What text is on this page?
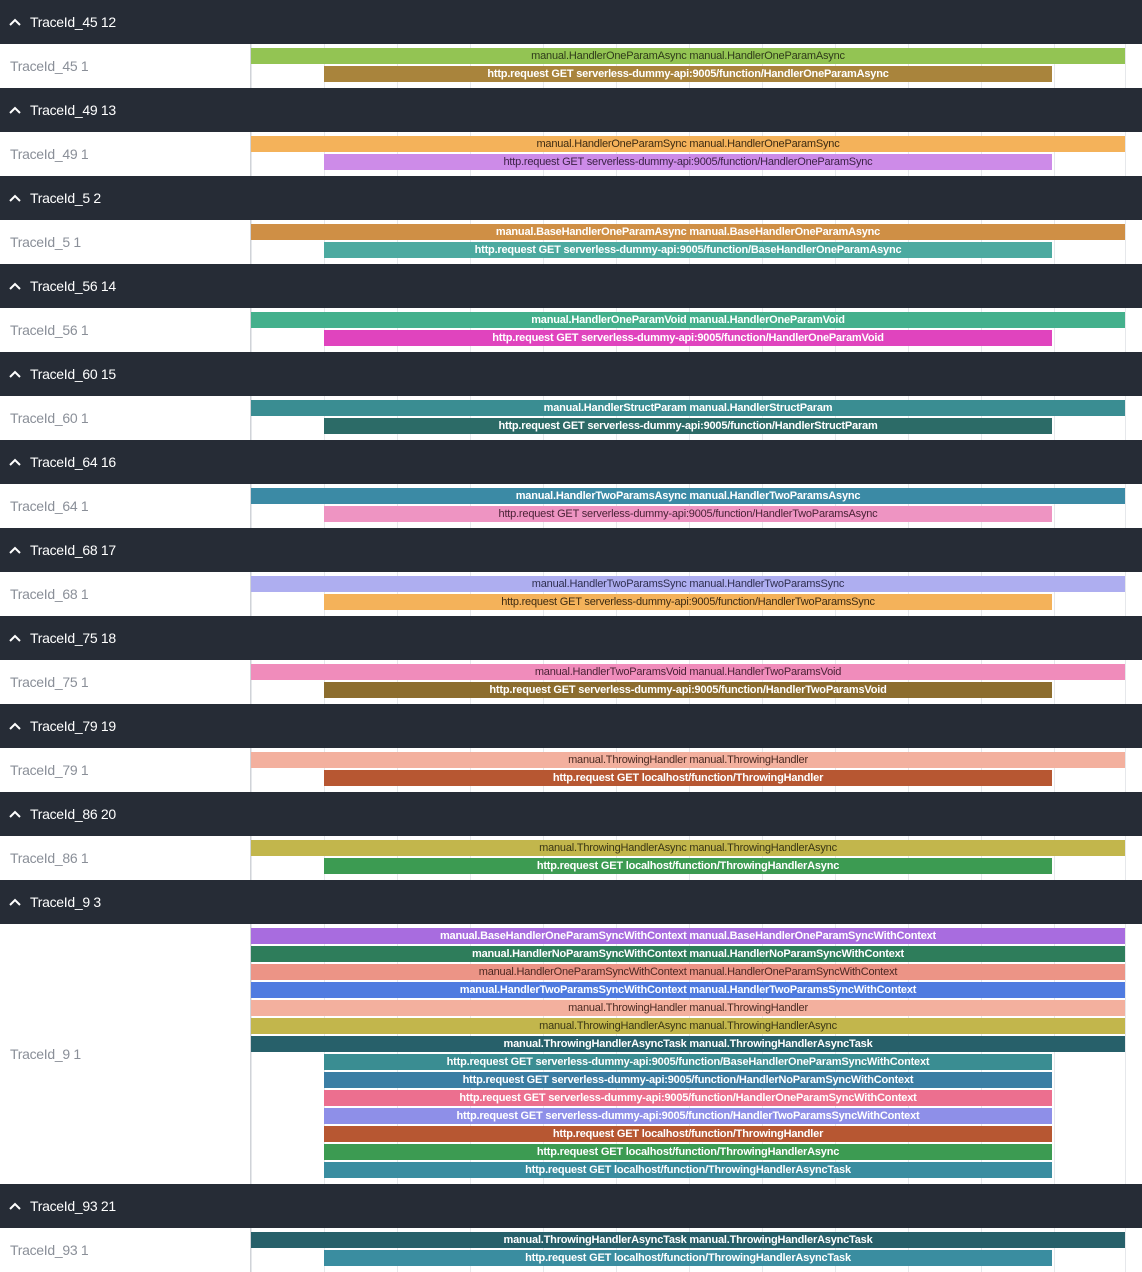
TraceId_45 12
TraceId_45 1
manual.HandlerOneParamAsync manual.HandlerOneParamAsync
http.request GET serverless-dummy-api:9005/function/HandlerOneParamAsync
TraceId_49 13
TraceId_49 1
manual.HandlerOneParamSync manual.HandlerOneParamSync
http.request GET serverless-dummy-api:9005/function/HandlerOneParamSync
TraceId_5 2
TraceId_5 1
manual.BaseHandlerOneParamAsync manual.BaseHandlerOneParamAsync
http.request GET serverless-dummy-api:9005/function/BaseHandlerOneParamAsync
TraceId_56 14
TraceId_56 1
manual.HandlerOneParamVoid manual.HandlerOneParamVoid
http.request GET serverless-dummy-api:9005/function/HandlerOneParamVoid
TraceId_60 15
TraceId_60 1
manual.HandlerStructParam manual.HandlerStructParam
http.request GET serverless-dummy-api:9005/function/HandlerStructParam
TraceId_64 16
TraceId_64 1
manual.HandlerTwoParamsAsync manual.HandlerTwoParamsAsync
http.request GET serverless-dummy-api:9005/function/HandlerTwoParamsAsync
TraceId_68 17
TraceId_68 1
manual.HandlerTwoParamsSync manual.HandlerTwoParamsSync
http.request GET serverless-dummy-api:9005/function/HandlerTwoParamsSync
TraceId_75 18
TraceId_75 1
manual.HandlerTwoParamsVoid manual.HandlerTwoParamsVoid
http.request GET serverless-dummy-api:9005/function/HandlerTwoParamsVoid
TraceId_79 19
TraceId_79 1
manual.ThrowingHandler manual.ThrowingHandler
http.request GET localhost/function/ThrowingHandler
TraceId_86 20
TraceId_86 1
manual.ThrowingHandlerAsync manual.ThrowingHandlerAsync
http.request GET localhost/function/ThrowingHandlerAsync
TraceId_9 3
TraceId_9 1
manual.BaseHandlerOneParamSyncWithContext manual.BaseHandlerOneParamSyncWithContext
manual.HandlerNoParamSyncWithContext manual.HandlerNoParamSyncWithContext
manual.HandlerOneParamSyncWithContext manual.HandlerOneParamSyncWithContext
manual.HandlerTwoParamsSyncWithContext manual.HandlerTwoParamsSyncWithContext
manual.ThrowingHandler manual.ThrowingHandler
manual.ThrowingHandlerAsync manual.ThrowingHandlerAsync
manual.ThrowingHandlerAsyncTask manual.ThrowingHandlerAsyncTask
http.request GET serverless-dummy-api:9005/function/BaseHandlerOneParamSyncWithContext
http.request GET serverless-dummy-api:9005/function/HandlerNoParamSyncWithContext
http.request GET serverless-dummy-api:9005/function/HandlerOneParamSyncWithContext
http.request GET serverless-dummy-api:9005/function/HandlerTwoParamsSyncWithContext
http.request GET localhost/function/ThrowingHandler
http.request GET localhost/function/ThrowingHandlerAsync
http.request GET localhost/function/ThrowingHandlerAsyncTask
TraceId_93 21
TraceId_93 1
manual.ThrowingHandlerAsyncTask manual.ThrowingHandlerAsyncTask
http.request GET localhost/function/ThrowingHandlerAsyncTask
